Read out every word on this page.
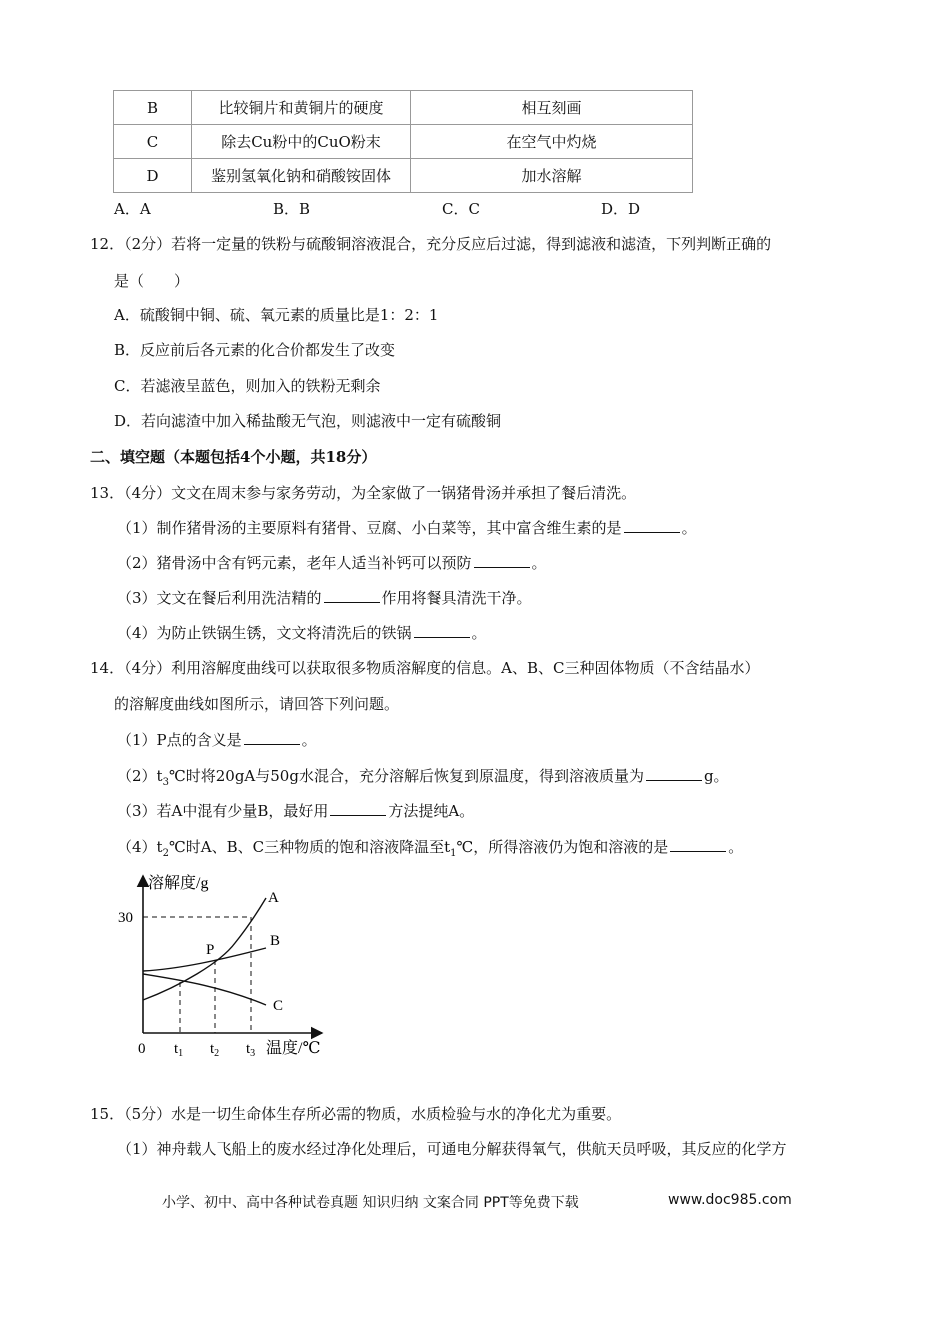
B	比较铜片和黄铜片的硬度	相互刻画
C	除去Cu粉中的CuO粉末	在空气中灼烧
D	鉴别氢氧化钠和硝酸铵固体	加水溶解
A．A	B．B	C．C	D．D
12．（2分）若将一定量的铁粉与硫酸铜溶液混合，充分反应后过滤，得到滤液和滤渣，下列判断正确的
是（　　）
A．硫酸铜中铜、硫、氧元素的质量比是1：2：1
B．反应前后各元素的化合价都发生了改变
C．若滤液呈蓝色，则加入的铁粉无剩余
D．若向滤渣中加入稀盐酸无气泡，则滤液中一定有硫酸铜
二、填空题（本题包括4个小题，共18分）
13．（4分）文文在周末参与家务劳动，为全家做了一锅猪骨汤并承担了餐后清洗。
（1）制作猪骨汤的主要原料有猪骨、豆腐、小白菜等，其中富含维生素的是	。
（2）猪骨汤中含有钙元素，老年人适当补钙可以预防	。
（3）文文在餐后利用洗洁精的	作用将餐具清洗干净。
（4）为防止铁锅生锈，文文将清洗后的铁锅	。
14．（4分）利用溶解度曲线可以获取很多物质溶解度的信息。A、B、C三种固体物质（不含结晶水）
的溶解度曲线如图所示，请回答下列问题。
（1）P点的含义是	。
$(2)t_3℃$时将20gA与50g水混合，充分溶解后恢复到原温度，得到溶液质量为	g。
（3）若A中混有少量B，最好用	方法提纯A。
$(4)t_2℃$时A、B、C三种物质的饱和溶液降温至$t_1℃$，所得溶液仍为饱和溶液的是	。
溶解度/g
30
0 $t_1$ $t_2$ $t_3$ 温度/℃
P
A
B
C
15．（5分）水是一切生命体生存所必需的物质，水质检验与水的净化尤为重要。
（1）神舟载人飞船上的废水经过净化处理后，可通电分解获得氧气，供航天员呼吸，其反应的化学方
小学、初中、高中各种试卷真题 知识归纳 文案合同 PPT等免费下载	www.doc985.com
